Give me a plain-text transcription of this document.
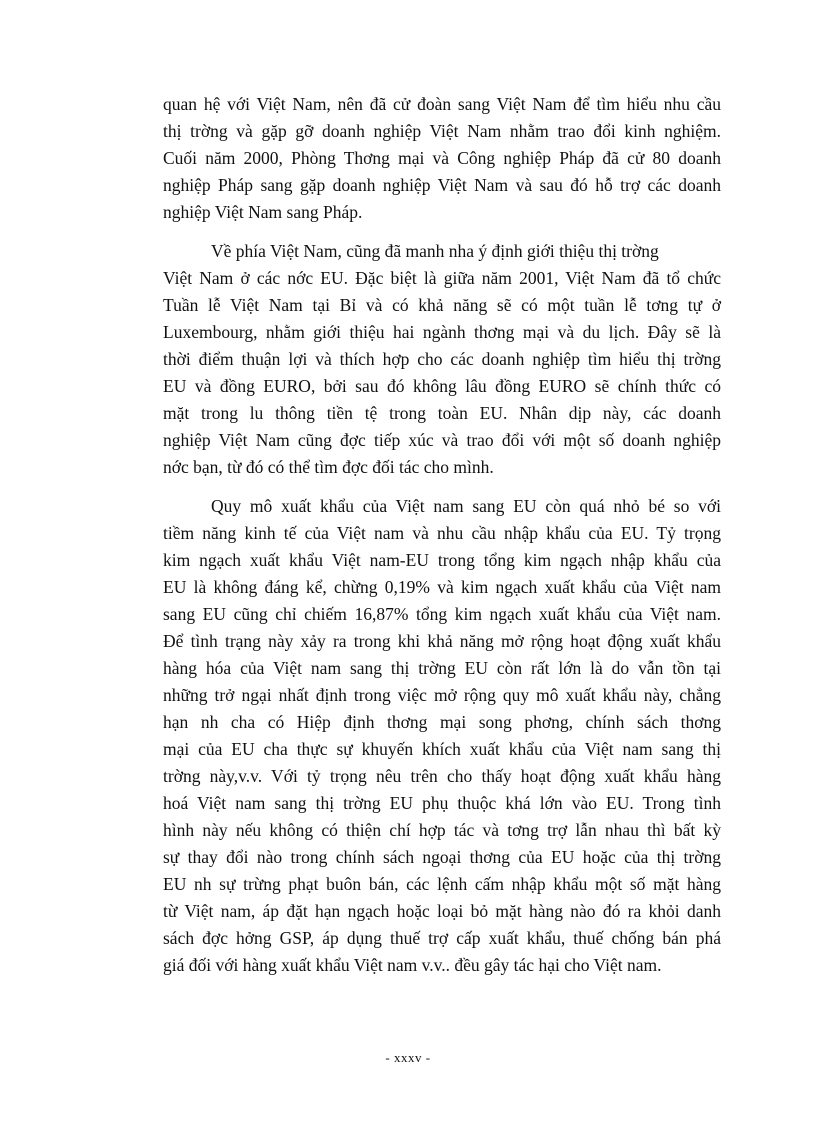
quan hệ với Việt Nam, nên đã cử đoàn sang Việt Nam để tìm hiểu nhu cầu
thị trờng và gặp gỡ doanh nghiệp Việt Nam nhằm trao đổi kinh nghiệm.
Cuối năm 2000, Phòng Thơng mại và Công nghiệp Pháp đã cử 80 doanh
nghiệp Pháp sang gặp doanh nghiệp Việt Nam và sau đó hỗ trợ các doanh
nghiệp Việt Nam sang Pháp.
Về phía Việt Nam, cũng đã manh nha ý định giới thiệu thị trờng
Việt Nam ở các nớc EU. Đặc biệt là giữa năm 2001, Việt Nam đã tổ chức
Tuần lễ Việt Nam tại Bỉ và có khả năng sẽ có một tuần lễ tơng tự ở
Luxembourg, nhằm giới thiệu hai ngành thơng mại và du lịch. Đây sẽ là
thời điểm thuận lợi và thích hợp cho các doanh nghiệp tìm hiểu thị trờng
EU và đồng EURO, bởi sau đó không lâu đồng EURO sẽ chính thức có
mặt trong lu thông tiền tệ trong toàn EU. Nhân dịp này, các doanh
nghiệp Việt Nam cũng đợc tiếp xúc và trao đổi với một số doanh nghiệp
nớc bạn, từ đó có thể tìm đợc đối tác cho mình.
Quy mô xuất khẩu của Việt nam sang EU còn quá nhỏ bé so với
tiềm năng kinh tế của Việt nam và nhu cầu nhập khẩu của EU. Tỷ trọng
kim ngạch xuất khẩu Việt nam-EU trong tổng kim ngạch nhập khẩu của
EU là không đáng kể, chừng 0,19% và kim ngạch xuất khẩu của Việt nam
sang EU cũng chỉ chiếm 16,87% tổng kim ngạch xuất khẩu của Việt nam.
Để tình trạng này xảy ra trong khi khả năng mở rộng hoạt động xuất khẩu
hàng hóa của Việt nam sang thị trờng EU còn rất lớn là do vẫn tồn tại
những trở ngại nhất định trong việc mở rộng quy mô xuất khẩu này, chẳng
hạn nh cha có Hiệp định thơng mại song phơng, chính sách thơng
mại của EU cha thực sự khuyến khích xuất khẩu của Việt nam sang thị
trờng này,v.v. Với tỷ trọng nêu trên cho thấy hoạt động xuất khẩu hàng
hoá Việt nam sang thị trờng EU phụ thuộc khá lớn vào EU. Trong tình
hình này nếu không có thiện chí hợp tác và tơng trợ lẫn nhau thì bất kỳ
sự thay đổi nào trong chính sách ngoại thơng của EU hoặc của thị trờng
EU nh sự trừng phạt buôn bán, các lệnh cấm nhập khẩu một số mặt hàng
từ Việt nam, áp đặt hạn ngạch hoặc loại bỏ mặt hàng nào đó ra khỏi danh
sách đợc hởng GSP, áp dụng thuế trợ cấp xuất khẩu, thuế chống bán phá
giá đối với hàng xuất khẩu Việt nam v.v.. đều gây tác hại cho Việt nam.
- xxxv -
